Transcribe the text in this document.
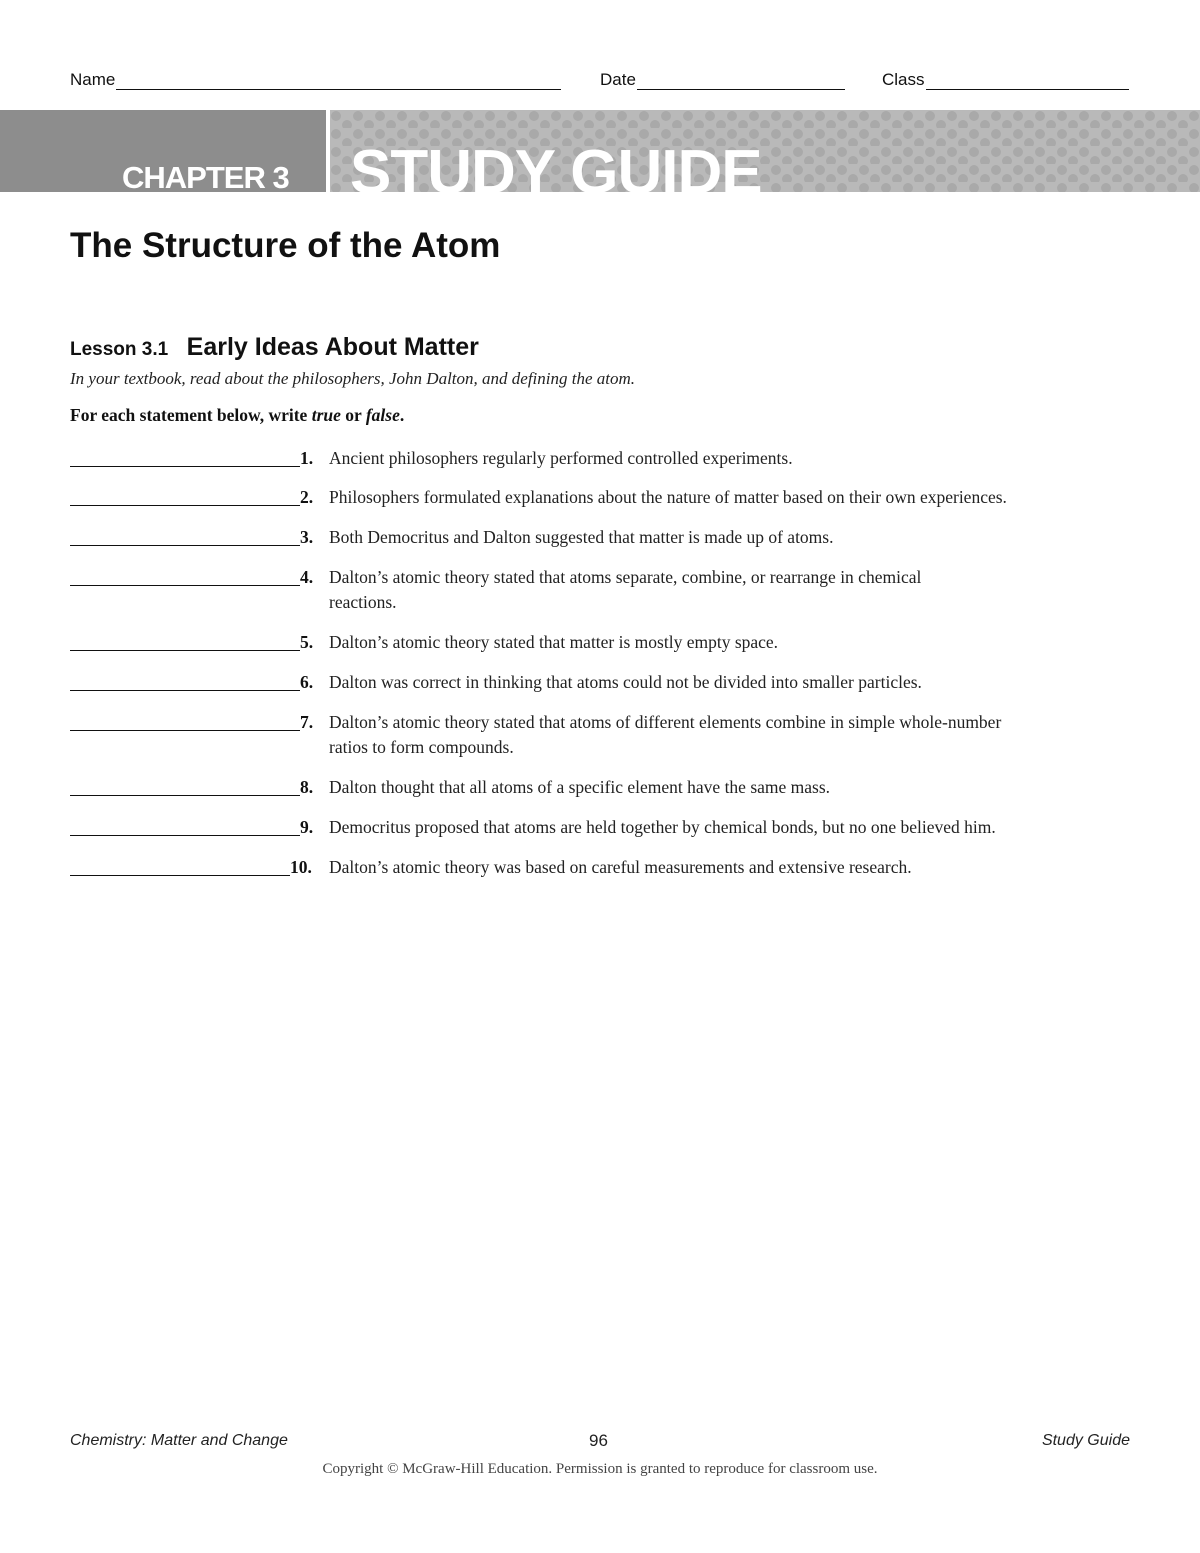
Name	Date	Class
CHAPTER 3 STUDY GUIDE
The Structure of the Atom
Lesson 3.1 Early Ideas About Matter
In your textbook, read about the philosophers, John Dalton, and defining the atom.
For each statement below, write true or false.
1. Ancient philosophers regularly performed controlled experiments.
2. Philosophers formulated explanations about the nature of matter based on their own experiences.
3. Both Democritus and Dalton suggested that matter is made up of atoms.
4. Dalton’s atomic theory stated that atoms separate, combine, or rearrange in chemical reactions.
5. Dalton’s atomic theory stated that matter is mostly empty space.
6. Dalton was correct in thinking that atoms could not be divided into smaller particles.
7. Dalton’s atomic theory stated that atoms of different elements combine in simple whole-number ratios to form compounds.
8. Dalton thought that all atoms of a specific element have the same mass.
9. Democritus proposed that atoms are held together by chemical bonds, but no one believed him.
10. Dalton’s atomic theory was based on careful measurements and extensive research.
Chemistry: Matter and Change	96	Study Guide
Copyright © McGraw-Hill Education. Permission is granted to reproduce for classroom use.
